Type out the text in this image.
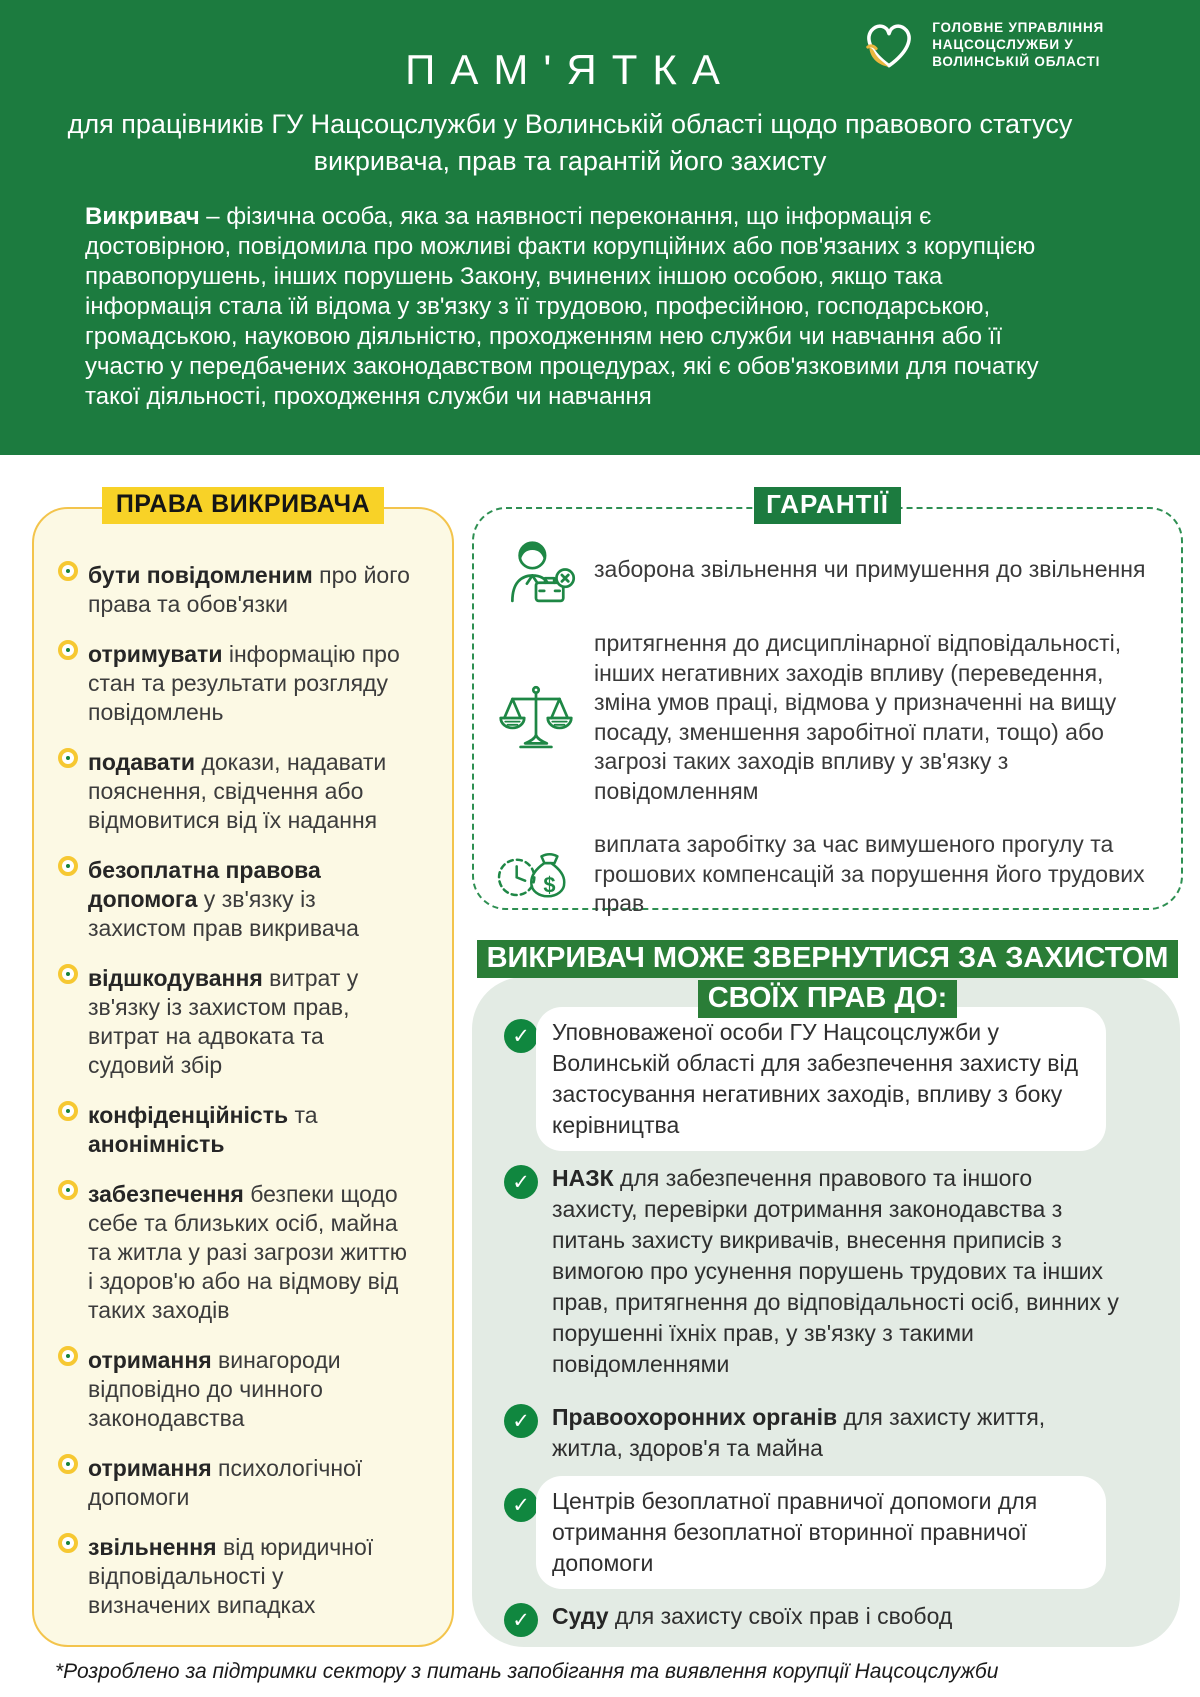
ГОЛОВНЕ УПРАВЛІННЯ
НАЦСОЦСЛУЖБИ У
ВОЛИНСЬКІЙ ОБЛАСТІ
ПАМ'ЯТКА
для працівників ГУ Нацсоцслужби у Волинській області щодо правового статусу
викривача, прав та гарантій його захисту

Викривач – фізична особа, яка за наявності переконання, що інформація є достовірною, повідомила про можливі факти корупційних або пов'язаних з корупцією правопорушень, інших порушень Закону, вчинених іншою особою, якщо така інформація стала їй відома у зв'язку з її трудовою, професійною, господарською, громадською, науковою діяльністю, проходженням нею служби чи навчання або її участю у передбачених законодавством процедурах, які є обов'язковими для початку такої діяльності, проходження служби чи навчання

ПРАВА ВИКРИВАЧА

бути повідомленим про його права та обов'язки

отримувати інформацію про стан та результати розгляду повідомлень

подавати докази, надавати пояснення, свідчення або відмовитися від їх надання

безоплатна правова допомога у зв'язку із захистом прав викривача

відшкодування витрат у зв'язку із захистом прав, витрат на адвоката та судовий збір

конфіденційність та анонімність

забезпечення безпеки щодо себе та близьких осіб, майна та житла у разі загрози життю і здоров'ю або на відмову від таких заходів

отримання винагороди відповідно до чинного законодавства

отримання психологічної допомоги

звільнення від юридичної відповідальності у визначених випадках

ГАРАНТІЇ

заборона звільнення чи примушення до звільнення

притягнення до дисциплінарної відповідальності, інших негативних заходів впливу (переведення, зміна умов праці, відмова у призначенні на вищу посаду, зменшення заробітної плати, тощо) або загрозі таких заходів впливу у зв'язку з повідомленням

$

виплата заробітку за час вимушеного прогулу та грошових компенсацій за порушення його трудових прав

ВИКРИВАЧ МОЖЕ ЗВЕРНУТИСЯ ЗА ЗАХИСТОМ СВОЇХ ПРАВ ДО:
✓ Уповноваженої особи ГУ Нацсоцслужби у Волинській області для забезпечення захисту від застосування негативних заходів, впливу з боку керівництва

✓ НАЗК для забезпечення правового та іншого захисту, перевірки дотримання законодавства з питань захисту викривачів, внесення приписів з вимогою про усунення порушень трудових та інших прав, притягнення до відповідальності осіб, винних у порушенні їхніх прав, у зв'язку з такими повідомленнями

✓ Правоохоронних органів для захисту життя, житла, здоров'я та майна

✓ Центрів безоплатної правничої допомоги для отримання безоплатної вторинної правничої допомоги

✓ Суду для захисту своїх прав і свобод

*Розроблено за підтримки сектору з питань запобігання та виявлення корупції Нацсоцслужби
